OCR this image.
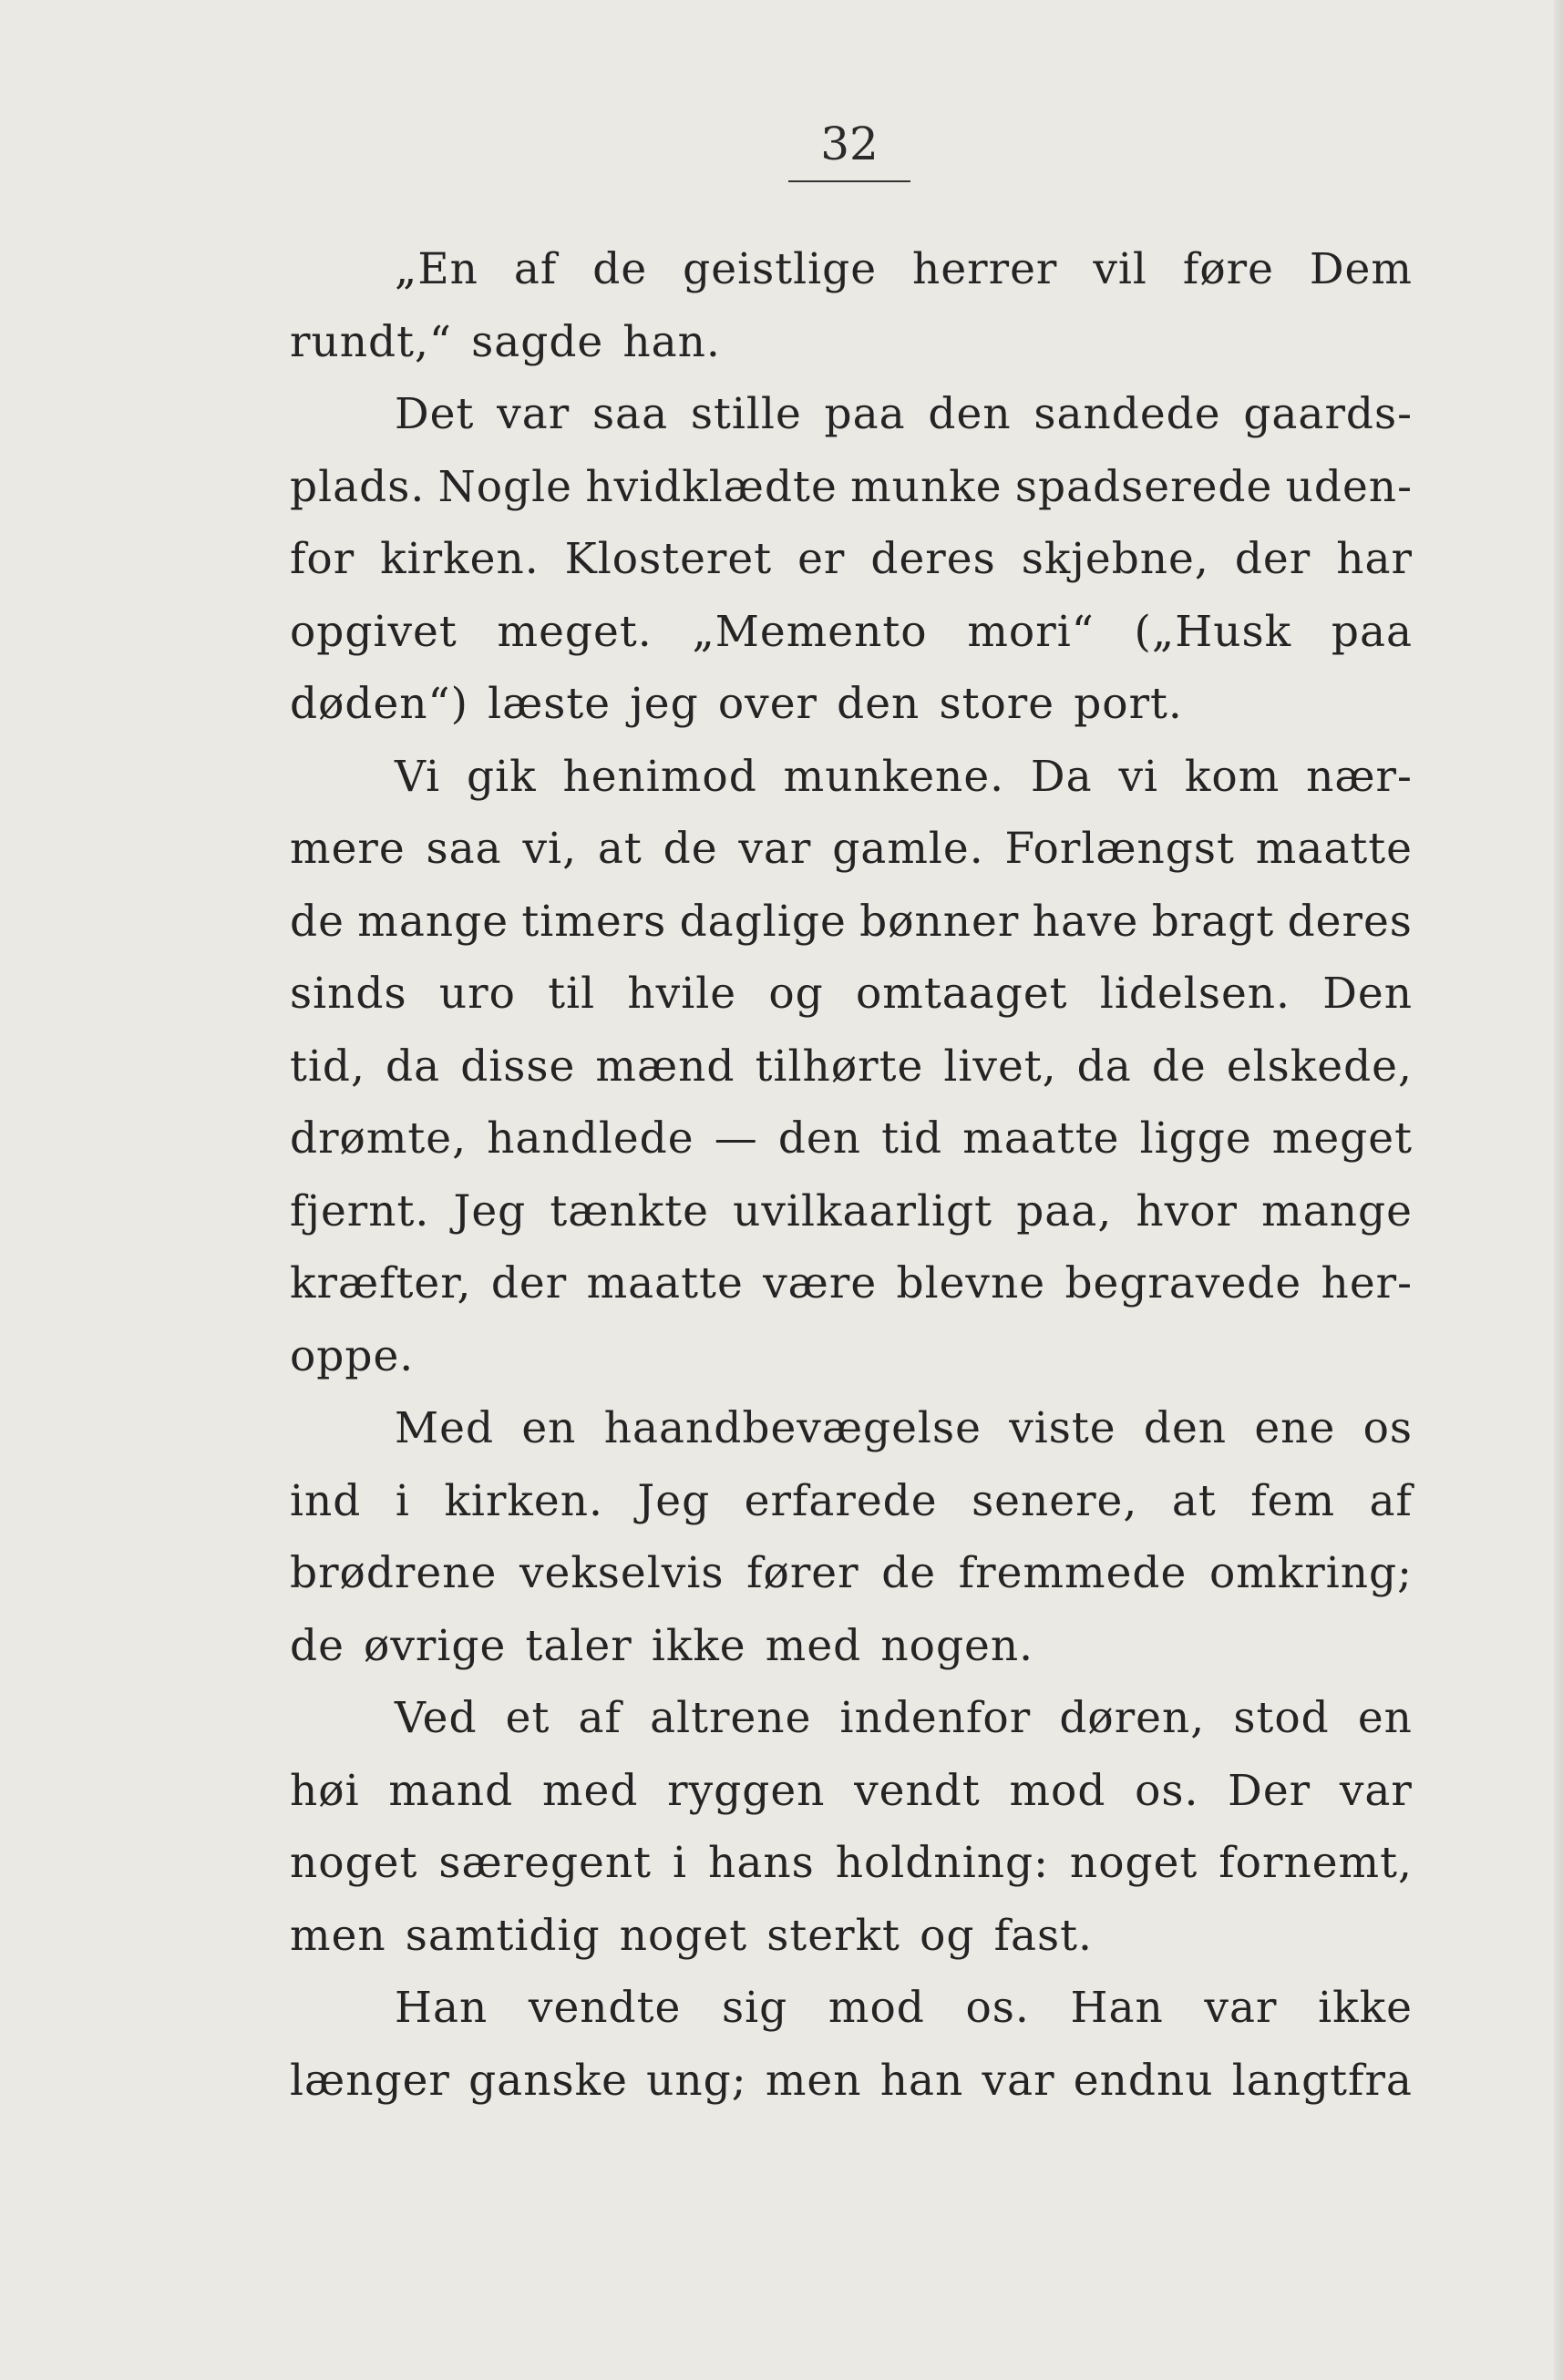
32
„En af de geistlige herrer vil føre Dem
rundt,“ sagde han.
Det var saa stille paa den sandede gaards-
plads. Nogle hvidklædte munke spadserede uden-
for kirken. Klosteret er deres skjebne, der har
opgivet meget. „Memento mori“ („Husk paa
døden“) læste jeg over den store port.
Vi gik henimod munkene. Da vi kom nær-
mere saa vi, at de var gamle. Forlængst maatte
de mange timers daglige bønner have bragt deres
sinds uro til hvile og omtaaget lidelsen. Den
tid, da disse mænd tilhørte livet, da de elskede,
drømte, handlede — den tid maatte ligge meget
fjernt. Jeg tænkte uvilkaarligt paa, hvor mange
kræfter, der maatte være blevne begravede her-
oppe.
Med en haandbevægelse viste den ene os
ind i kirken. Jeg erfarede senere, at fem af
brødrene vekselvis fører de fremmede omkring;
de øvrige taler ikke med nogen.
Ved et af altrene indenfor døren, stod en
høi mand med ryggen vendt mod os. Der var
noget særegent i hans holdning: noget fornemt,
men samtidig noget sterkt og fast.
Han vendte sig mod os. Han var ikke
længer ganske ung; men han var endnu langtfra
